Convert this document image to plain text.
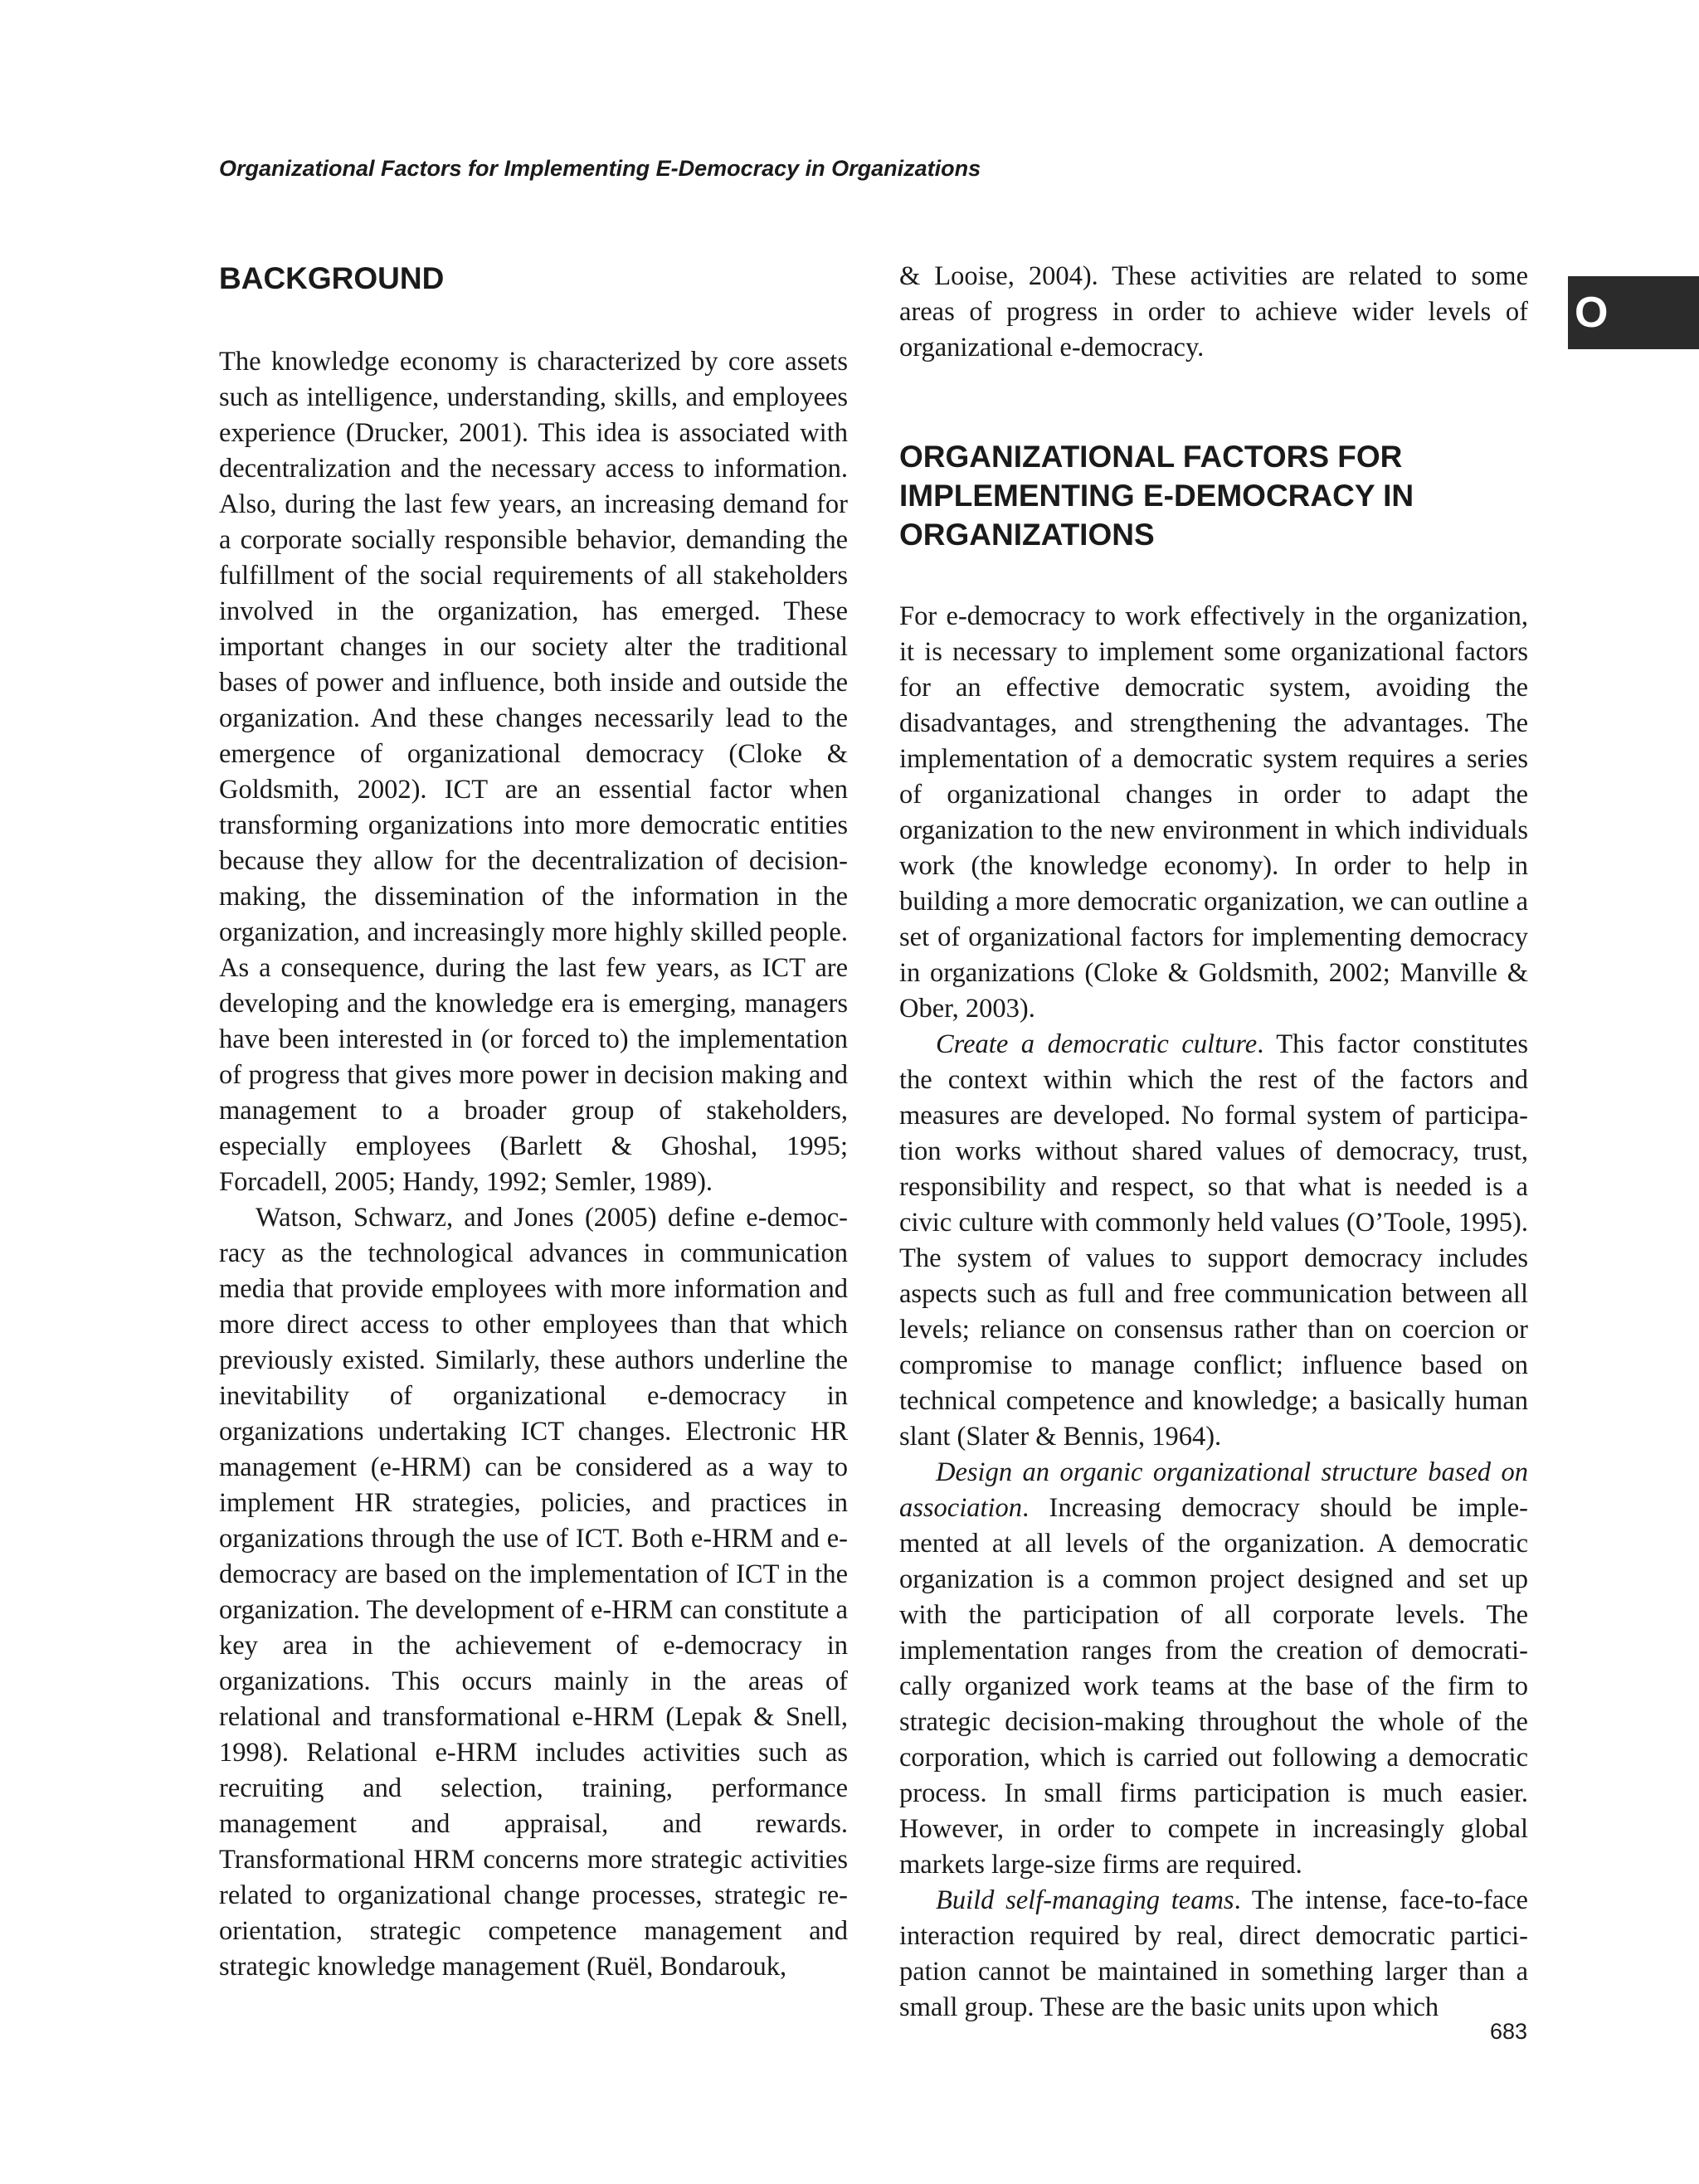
Organizational Factors for Implementing E-Democracy in Organizations
O
BACKGROUND

The knowledge economy is characterized by core assets such as intelligence, understanding, skills, and employees experience (Drucker, 2001). This idea is associated with decentralization and the necessary access to information. Also, during the last few years, an increasing demand for a corporate socially responsible behavior, demanding the fulfillment of the social requirements of all stakeholders involved in the organization, has emerged. These important changes in our society alter the traditional bases of power and influence, both inside and outside the organization. And these changes necessarily lead to the emergence of organizational democracy (Cloke & Goldsmith, 2002). ICT are an essential factor when transforming organizations into more democratic entities because they allow for the decentralization of decision-making, the dissemination of the information in the organization, and increasingly more highly skilled people. As a consequence, during the last few years, as ICT are developing and the knowledge era is emerging, managers have been interested in (or forced to) the implementation of progress that gives more power in decision making and management to a broader group of stakeholders, especially employees (Barlett & Ghoshal, 1995; Forcadell, 2005; Handy, 1992; Semler, 1989).

Watson, Schwarz, and Jones (2005) define e-democracy as the technological advances in communication media that provide employees with more information and more direct access to other employees than that which previously existed. Similarly, these authors underline the inevitability of organizational e-democracy in organizations undertaking ICT changes. Electronic HR management (e-HRM) can be considered as a way to implement HR strategies, policies, and practices in organizations through the use of ICT. Both e-HRM and e-democracy are based on the implementation of ICT in the organization. The development of e-HRM can constitute a key area in the achievement of e-democracy in organizations. This occurs mainly in the areas of relational and transformational e-HRM (Lepak & Snell, 1998). Relational e-HRM includes activities such as recruiting and selection, training, performance management and appraisal, and rewards. Transformational HRM concerns more strategic activities related to organizational change processes, strategic re-orientation, strategic competence management and strategic knowledge management (Ruël, Bondarouk,

& Looise, 2004). These activities are related to some areas of progress in order to achieve wider levels of organizational e-democracy.

ORGANIZATIONAL FACTORS FOR IMPLEMENTING E-DEMOCRACY IN ORGANIZATIONS

For e-democracy to work effectively in the organization, it is necessary to implement some organizational factors for an effective democratic system, avoiding the disadvantages, and strengthening the advantages. The implementation of a democratic system requires a series of organizational changes in order to adapt the organization to the new environment in which individuals work (the knowledge economy). In order to help in building a more democratic organization, we can outline a set of organizational factors for implementing democracy in organizations (Cloke & Goldsmith, 2002; Manville & Ober, 2003).

Create a democratic culture. This factor constitutes the context within which the rest of the factors and measures are developed. No formal system of participation works without shared values of democracy, trust, responsibility and respect, so that what is needed is a civic culture with commonly held values (O’Toole, 1995). The system of values to support democracy includes aspects such as full and free communication between all levels; reliance on consensus rather than on coercion or compromise to manage conflict; influence based on technical competence and knowledge; a basically human slant (Slater & Bennis, 1964).

Design an organic organizational structure based on association. Increasing democracy should be implemented at all levels of the organization. A democratic organization is a common project designed and set up with the participation of all corporate levels. The implementation ranges from the creation of democratically organized work teams at the base of the firm to strategic decision-making throughout the whole of the corporation, which is carried out following a democratic process. In small firms participation is much easier. However, in order to compete in increasingly global markets large-size firms are required.

Build self-managing teams. The intense, face-to-face interaction required by real, direct democratic participation cannot be maintained in something larger than a small group. These are the basic units upon which

683
